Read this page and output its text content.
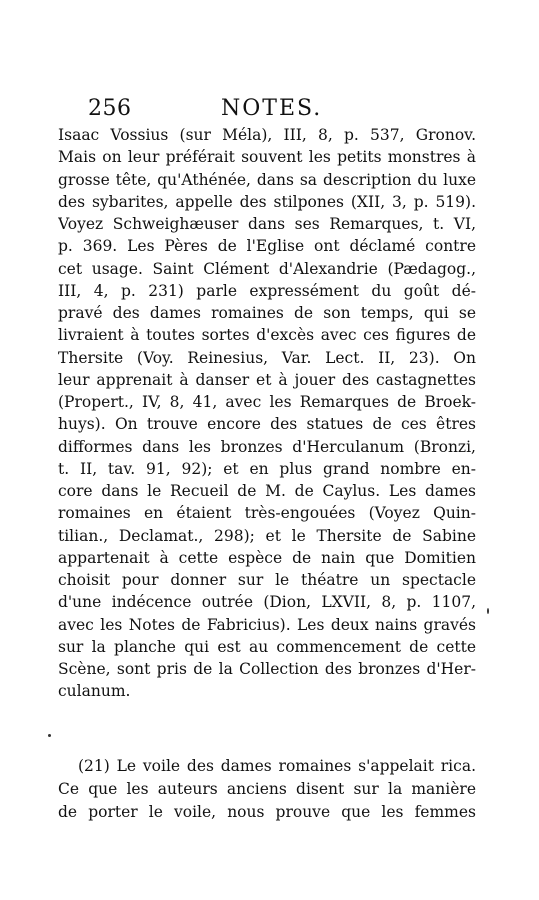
256	NOTES.
Isaac Vossius (sur Méla), III, 8, p. 537, Gronov.
Mais on leur préférait souvent les petits monstres à
grosse tête, qu'Athénée, dans sa description du luxe
des sybarites, appelle des stilpones (XII, 3, p. 519).
Voyez Schweighæuser dans ses Remarques, t. VI,
p. 369. Les Pères de l'Eglise ont déclamé contre
cet usage. Saint Clément d'Alexandrie (Pædagog.,
III, 4, p. 231) parle expressément du goût dé-
pravé des dames romaines de son temps, qui se
livraient à toutes sortes d'excès avec ces figures de
Thersite (Voy. Reinesius, Var. Lect. II, 23). On
leur apprenait à danser et à jouer des castagnettes
(Propert., IV, 8, 41, avec les Remarques de Broek-
huys). On trouve encore des statues de ces êtres
difformes dans les bronzes d'Herculanum (Bronzi,
t. II, tav. 91, 92); et en plus grand nombre en-
core dans le Recueil de M. de Caylus. Les dames
romaines en étaient très-engouées (Voyez Quin-
tilian., Declamat., 298); et le Thersite de Sabine
appartenait à cette espèce de nain que Domitien
choisit pour donner sur le théatre un spectacle
d'une indécence outrée (Dion, LXVII, 8, p. 1107,
avec les Notes de Fabricius). Les deux nains gravés
sur la planche qui est au commencement de cette
Scène, sont pris de la Collection des bronzes d'Her-
culanum.
(21) Le voile des dames romaines s'appelait rica.
Ce que les auteurs anciens disent sur la manière
de porter le voile, nous prouve que les femmes
